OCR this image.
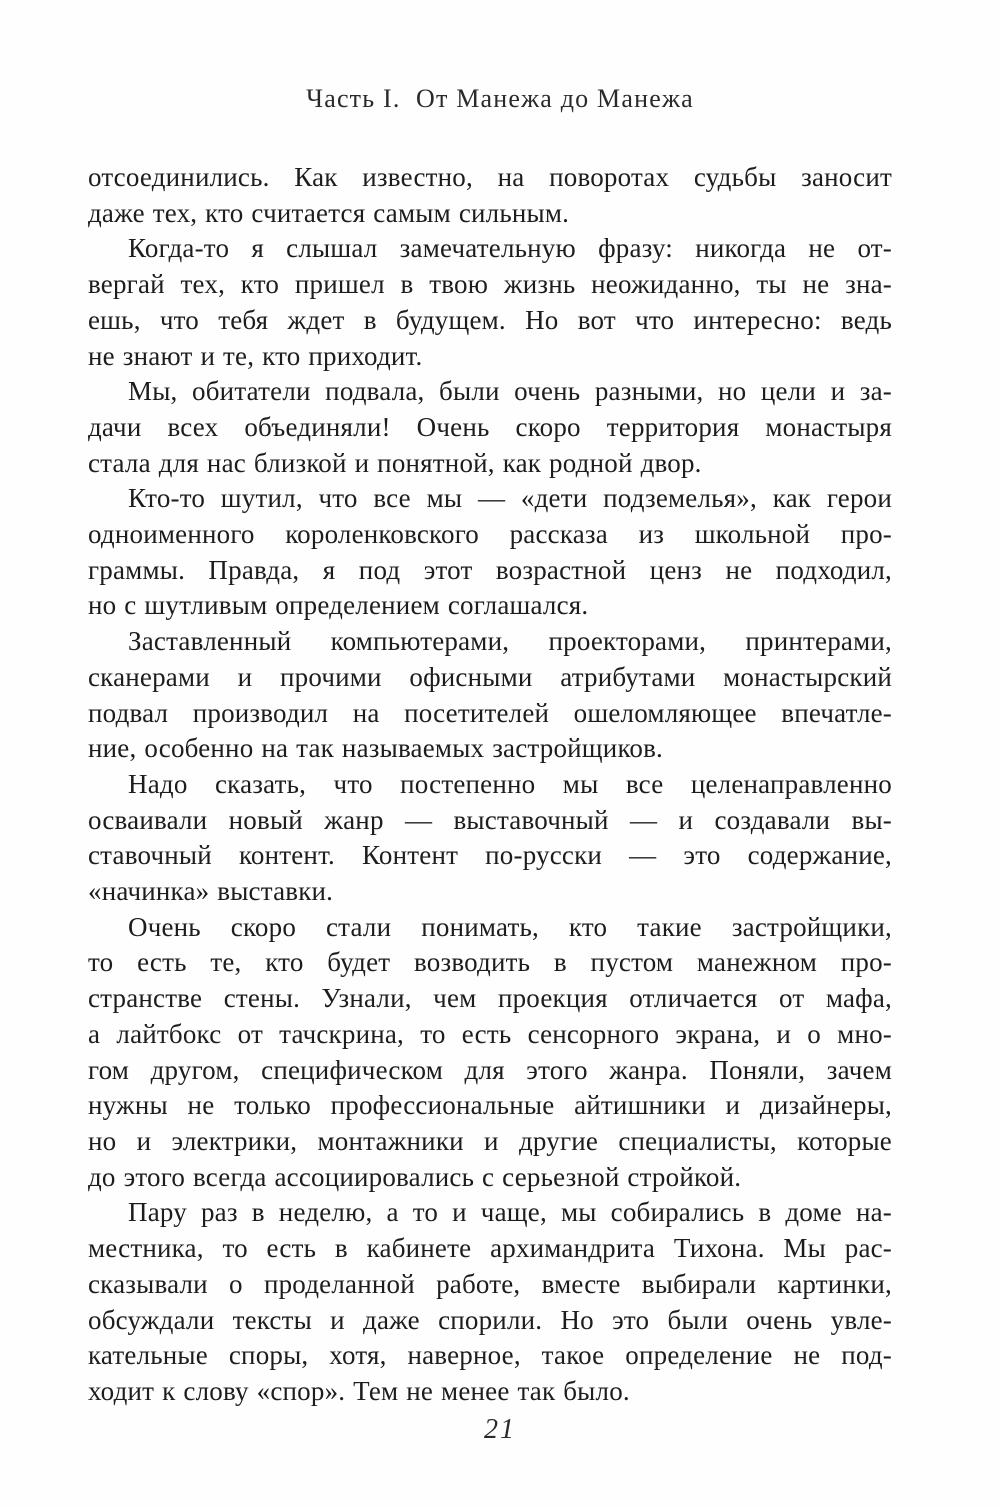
Часть I.  От Манежа до Манежа
отсоединились. Как известно, на поворотах судьбы заносит
даже тех, кто считается самым сильным.
Когда-то я слышал замечательную фразу: никогда не от-
вергай тех, кто пришел в твою жизнь неожиданно, ты не зна-
ешь, что тебя ждет в будущем. Но вот что интересно: ведь
не знают и те, кто приходит.
Мы, обитатели подвала, были очень разными, но цели и за-
дачи всех объединяли! Очень скоро территория монастыря
стала для нас близкой и понятной, как родной двор.
Кто-то шутил, что все мы — «дети подземелья», как герои
одноименного короленковского рассказа из школьной про-
граммы. Правда, я под этот возрастной ценз не подходил,
но с шутливым определением соглашался.
Заставленный компьютерами, проекторами, принтерами,
сканерами и прочими офисными атрибутами монастырский
подвал производил на посетителей ошеломляющее впечатле-
ние, особенно на так называемых застройщиков.
Надо сказать, что постепенно мы все целенаправленно
осваивали новый жанр — выставочный — и создавали вы-
ставочный контент. Контент по-русски — это содержание,
«начинка» выставки.
Очень скоро стали понимать, кто такие застройщики,
то есть те, кто будет возводить в пустом манежном про-
странстве стены. Узнали, чем проекция отличается от мафа,
а лайтбокс от тачскрина, то есть сенсорного экрана, и о мно-
гом другом, специфическом для этого жанра. Поняли, зачем
нужны не только профессиональные айтишники и дизайнеры,
но и электрики, монтажники и другие специалисты, которые
до этого всегда ассоциировались с серьезной стройкой.
Пару раз в неделю, а то и чаще, мы собирались в доме на-
местника, то есть в кабинете архимандрита Тихона. Мы рас-
сказывали о проделанной работе, вместе выбирали картинки,
обсуждали тексты и даже спорили. Но это были очень увле-
кательные споры, хотя, наверное, такое определение не под-
ходит к слову «спор». Тем не менее так было.
21
